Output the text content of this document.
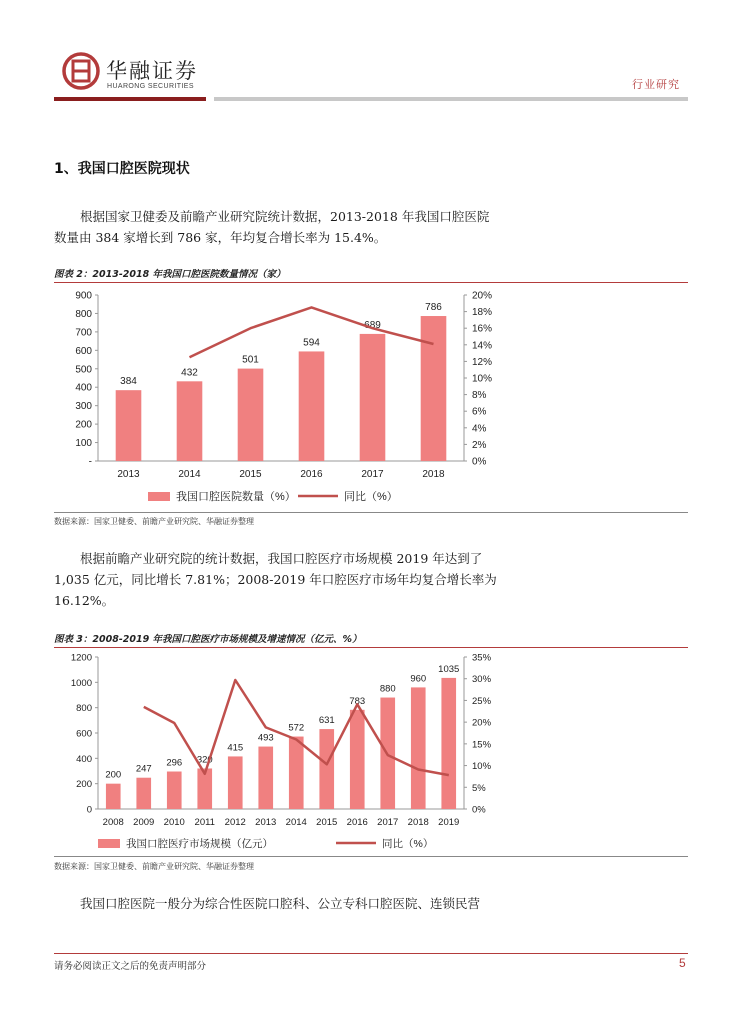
华融证券
HUARONG SECURITIES	行业研究
1、我国口腔医院现状
根据国家卫健委及前瞻产业研究院统计数据，2013-2018 年我国口腔医院
数量由 384 家增长到 786 家，年均复合增长率为 15.4%。
图表 2：2013-2018 年我国口腔医院数量情况（家）
-
100
200
300
400
500
600
700
800
900
0%
2%
4%
6%
8%
10%
12%
14%
16%
18%
20%
384
2013
432
2014
501
2015
594
2016
689
2017
786
2018
我国口腔医院数量（%）	同比（%）
数据来源：国家卫健委、前瞻产业研究院、华融证券整理
根据前瞻产业研究院的统计数据，我国口腔医疗市场规模 2019 年达到了
1,035 亿元，同比增长 7.81%；2008-2019 年口腔医疗市场年均复合增长率为
16.12%。
图表 3：2008-2019 年我国口腔医疗市场规模及增速情况（亿元、%）
0
200
400
600
800
1000
1200
0%
5%
10%
15%
20%
25%
30%
35%
200
2008
247
2009
296
2010
320
2011
415
2012
493
2013
572
2014
631
2015
783
2016
880
2017
960
2018
1035
2019
我国口腔医疗市场规模（亿元）	同比（%）
数据来源：国家卫健委、前瞻产业研究院、华融证券整理
我国口腔医院一般分为综合性医院口腔科、公立专科口腔医院、连锁民营
请务必阅读正文之后的免责声明部分	5
